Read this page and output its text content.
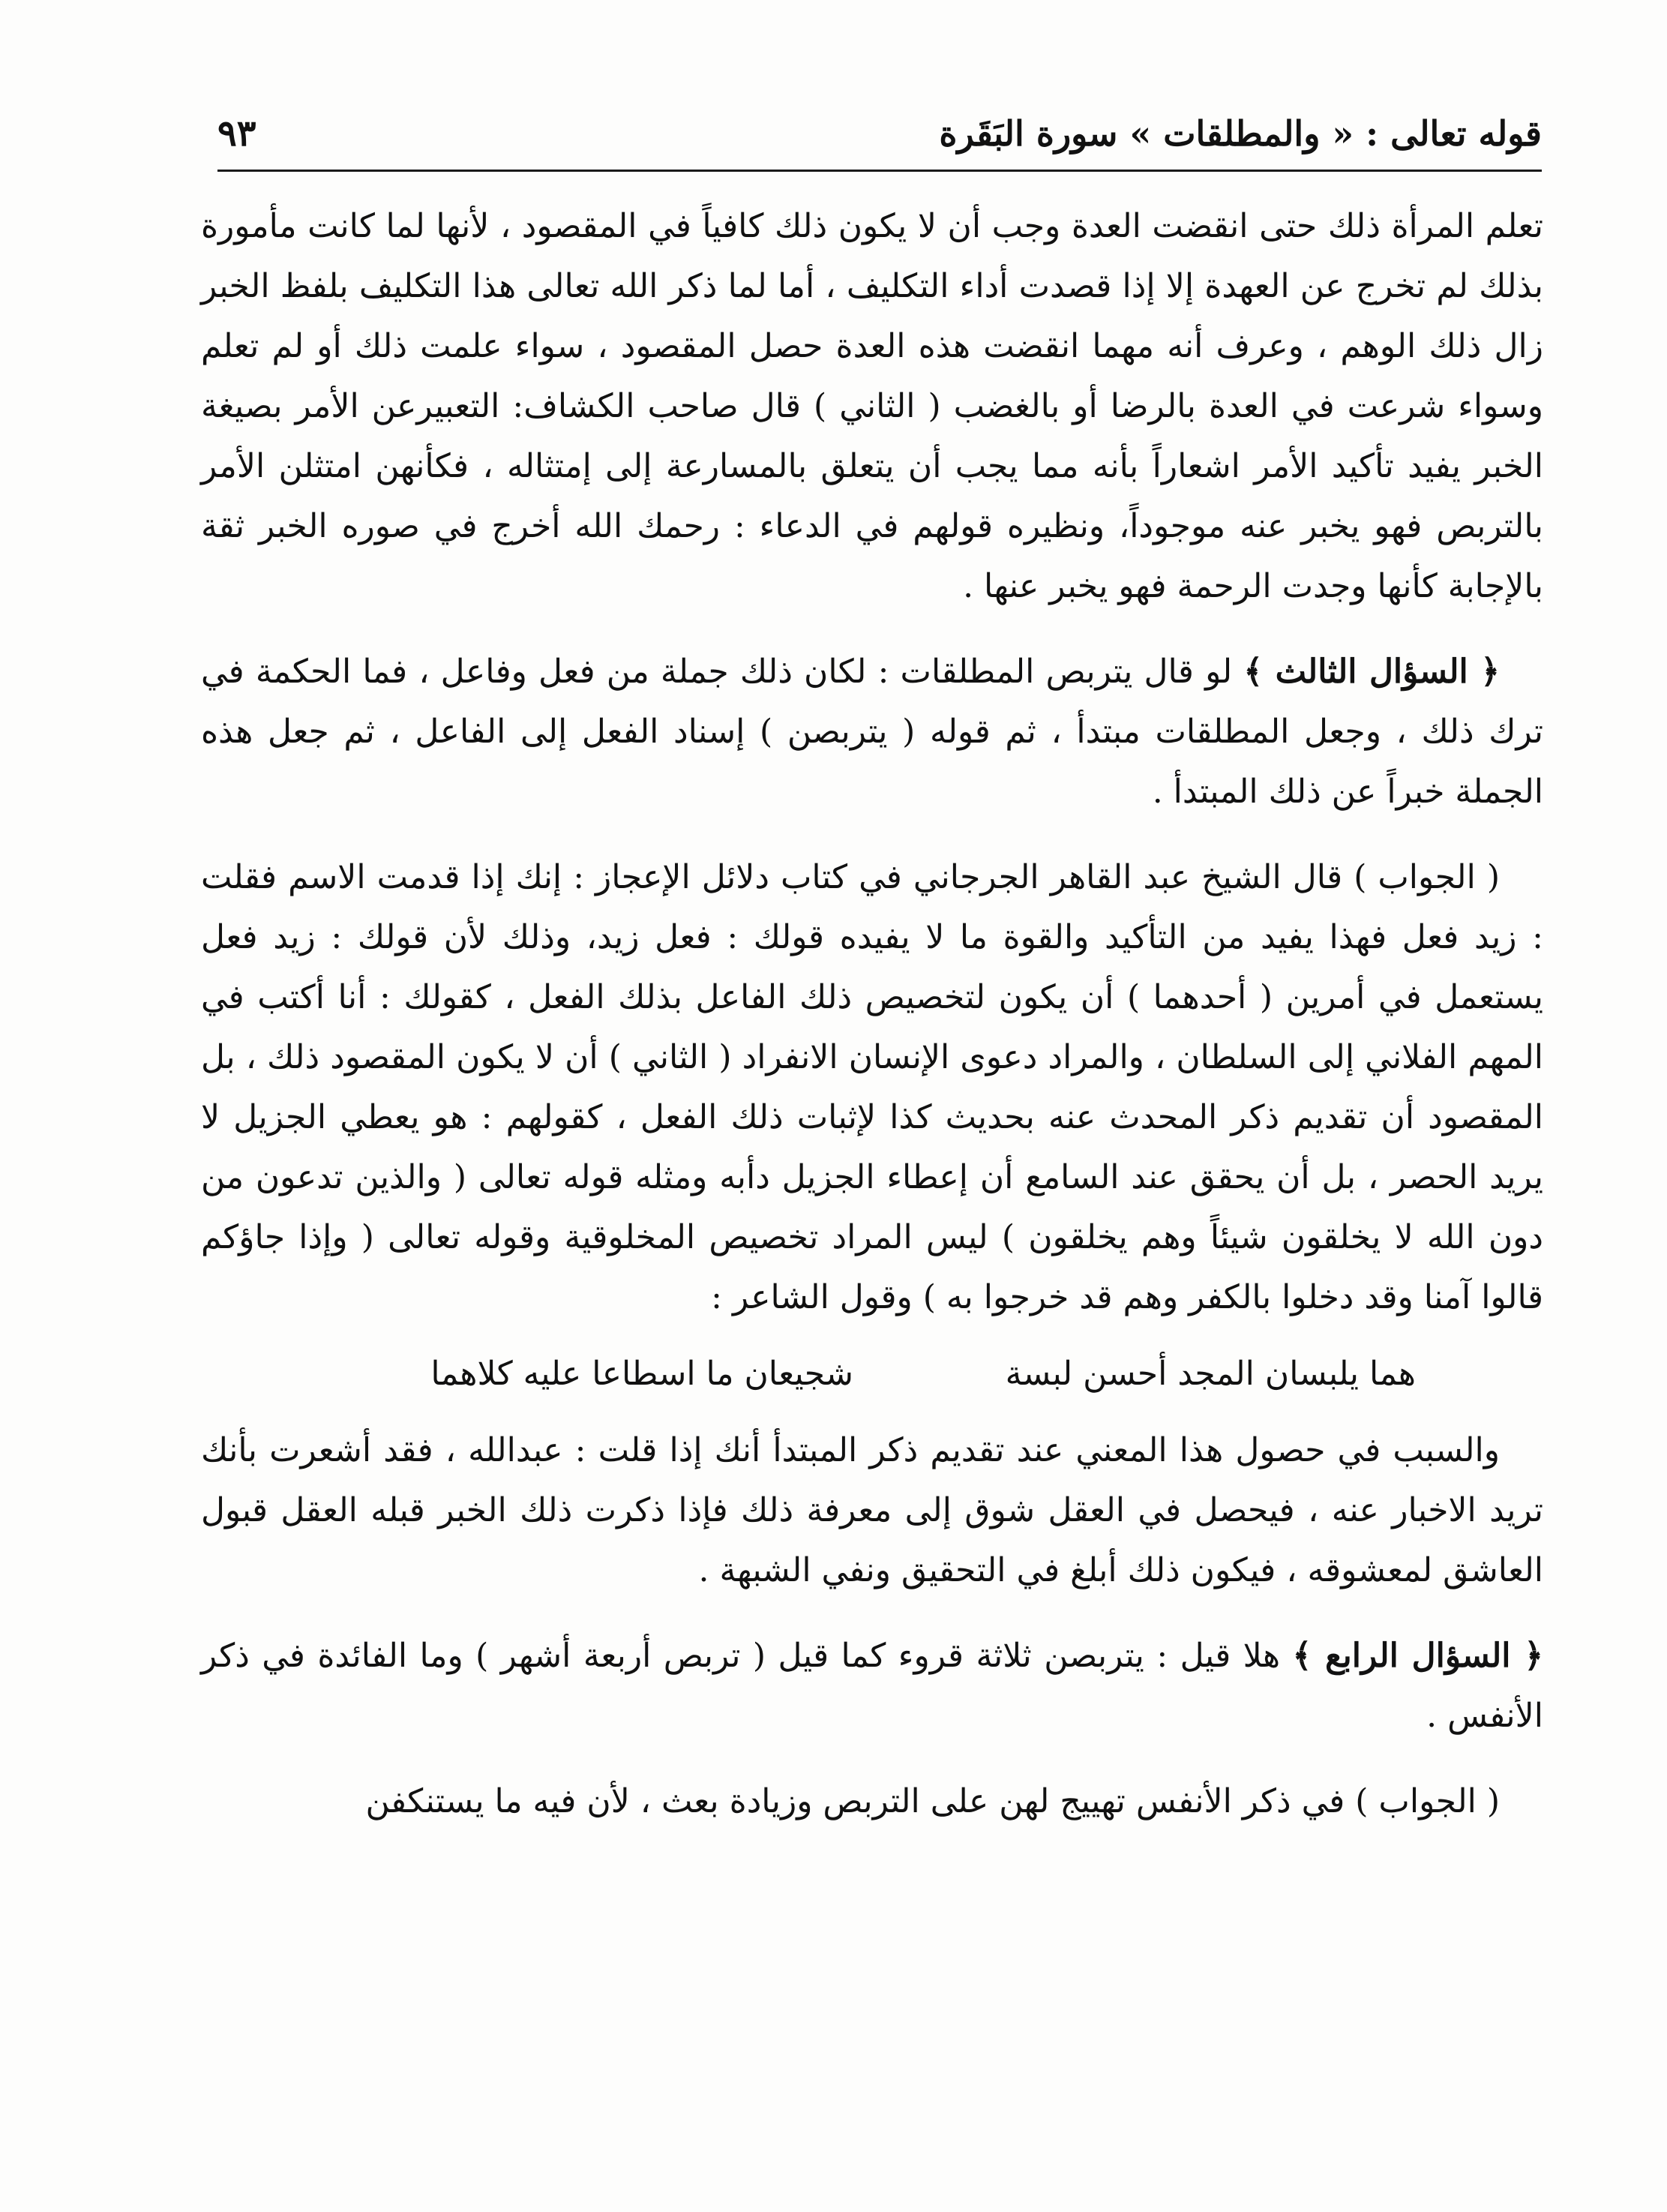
قوله تعالى : « والمطلقات » سورة البَقَرة
٩٣

تعلم المرأة ذلك حتى انقضت العدة وجب أن لا يكون ذلك كافياً في المقصود ، لأنها لما كانت مأمورة بذلك لم تخرج عن العهدة إلا إذا قصدت أداء التكليف ، أما لما ذكر الله تعالى هذا التكليف بلفظ الخبر زال ذلك الوهم ، وعرف أنه مهما انقضت هذه العدة حصل المقصود ، سواء علمت ذلك أو لم تعلم وسواء شرعت في العدة بالرضا أو بالغضب ( الثاني ) قال صاحب الكشاف: التعبيرعن الأمر بصيغة الخبر يفيد تأكيد الأمر اشعاراً بأنه مما يجب أن يتعلق بالمسارعة إلى إمتثاله ، فكأنهن امتثلن الأمر بالتربص فهو يخبر عنه موجوداً، ونظيره قولهم في الدعاء : رحمك الله أخرج في صوره الخبر ثقة بالإجابة كأنها وجدت الرحمة فهو يخبر عنها .

﴿ السؤال الثالث ﴾ لو قال يتربص المطلقات : لكان ذلك جملة من فعل وفاعل ، فما الحكمة في ترك ذلك ، وجعل المطلقات مبتدأ ، ثم قوله ( يتربصن ) إسناد الفعل إلى الفاعل ، ثم جعل هذه الجملة خبراً عن ذلك المبتدأ .

( الجواب ) قال الشيخ عبد القاهر الجرجاني في كتاب دلائل الإعجاز : إنك إذا قدمت الاسم فقلت : زيد فعل فهذا يفيد من التأكيد والقوة ما لا يفيده قولك : فعل زيد، وذلك لأن قولك : زيد فعل يستعمل في أمرين ( أحدهما ) أن يكون لتخصيص ذلك الفاعل بذلك الفعل ، كقولك : أنا أكتب في المهم الفلاني إلى السلطان ، والمراد دعوى الإنسان الانفراد ( الثاني ) أن لا يكون المقصود ذلك ، بل المقصود أن تقديم ذكر المحدث عنه بحديث كذا لإثبات ذلك الفعل ، كقولهم : هو يعطي الجزيل لا يريد الحصر ، بل أن يحقق عند السامع أن إعطاء الجزيل دأبه ومثله قوله تعالى ( والذين تدعون من دون الله لا يخلقون شيئاً وهم يخلقون ) ليس المراد تخصيص المخلوقية وقوله تعالى ( وإذا جاؤكم قالوا آمنا وقد دخلوا بالكفر وهم قد خرجوا به ) وقول الشاعر :

هما يلبسان المجد أحسن لبسة
شجيعان ما اسطاعا عليه كلاهما

والسبب في حصول هذا المعني عند تقديم ذكر المبتدأ أنك إذا قلت : عبدالله ، فقد أشعرت بأنك تريد الاخبار عنه ، فيحصل في العقل شوق إلى معرفة ذلك فإذا ذكرت ذلك الخبر قبله العقل قبول العاشق لمعشوقه ، فيكون ذلك أبلغ في التحقيق ونفي الشبهة .

﴿ السؤال الرابع ﴾ هلا قيل : يتربصن ثلاثة قروء كما قيل ( تربص أربعة أشهر ) وما الفائدة في ذكر الأنفس .

( الجواب ) في ذكر الأنفس تهييج لهن على التربص وزيادة بعث ، لأن فيه ما يستنكفن
